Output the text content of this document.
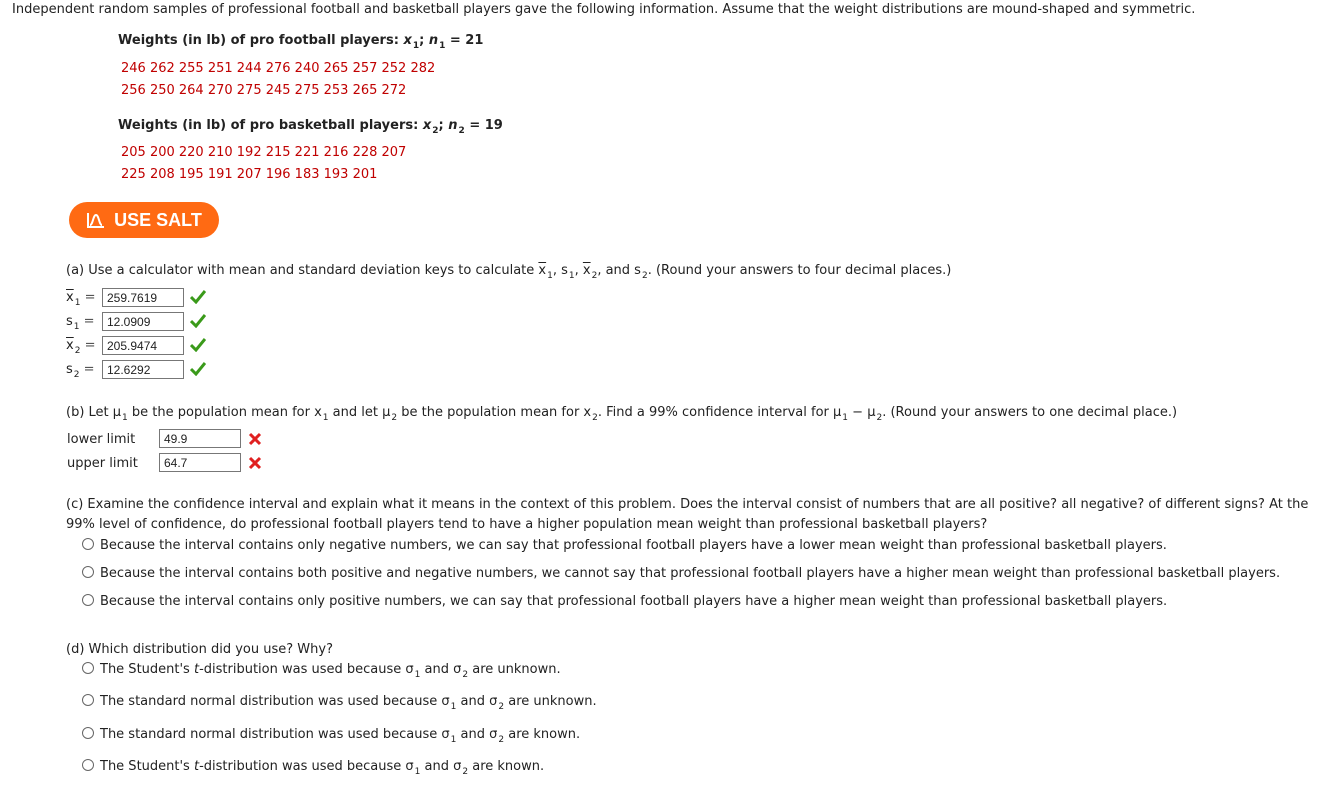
Independent random samples of professional football and basketball players gave the following information. Assume that the weight distributions are mound-shaped and symmetric.
Weights (in lb) of pro football players: $x_1$; $n_1 = 21$
246 262 255 251 244 276 240 265 257 252 282
256 250 264 270 275 245 275 253 265 272
Weights (in lb) of pro basketball players: $x_2$; $n_2 = 19$
205 200 220 210 192 215 221 216 228 207
225 208 195 191 207 196 183 193 201
USE SALT
(a) Use a calculator with mean and standard deviation keys to calculate $\overline{x}_1$, $s_1$, $\overline{x}_2$, and $s_2$. (Round your answers to four decimal places.)
$\overline{x}_1$ =
259.7619
$s_1$ =
12.0909
$\overline{x}_2$ =
205.9474
$s_2$ =
12.6292
(b) Let $\mu_1$ be the population mean for $x_1$ and let $\mu_2$ be the population mean for $x_2$. Find a 99% confidence interval for $\mu_1 - \mu_2$. (Round your answers to one decimal place.)
lower limit
49.9
upper limit
64.7
(c) Examine the confidence interval and explain what it means in the context of this problem. Does the interval consist of numbers that are all positive? all negative? of different signs? At the 99% level of confidence, do professional football players tend to have a higher population mean weight than professional basketball players?
Because the interval contains only negative numbers, we can say that professional football players have a lower mean weight than professional basketball players.
Because the interval contains both positive and negative numbers, we cannot say that professional football players have a higher mean weight than professional basketball players.
Because the interval contains only positive numbers, we can say that professional football players have a higher mean weight than professional basketball players.
(d) Which distribution did you use? Why?
The Student's t-distribution was used because $\sigma_1$ and $\sigma_2$ are unknown.
The standard normal distribution was used because $\sigma_1$ and $\sigma_2$ are unknown.
The standard normal distribution was used because $\sigma_1$ and $\sigma_2$ are known.
The Student's t-distribution was used because $\sigma_1$ and $\sigma_2$ are known.
